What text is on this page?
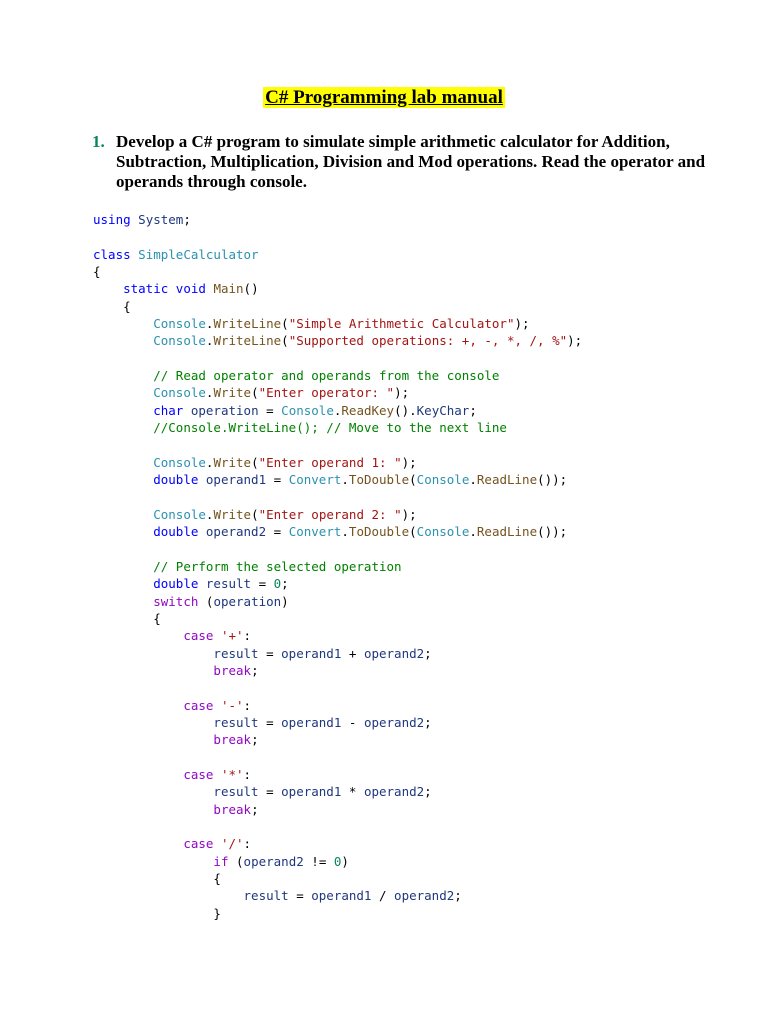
C# Programming lab manual
1. Develop a C# program to simulate simple arithmetic calculator for Addition, Subtraction, Multiplication, Division and Mod operations. Read the operator and operands through console.
using System;

class SimpleCalculator
{
static void Main()
{
Console.WriteLine("Simple Arithmetic Calculator");
Console.WriteLine("Supported operations: +, -, *, /, %");

// Read operator and operands from the console
Console.Write("Enter operator: ");
char operation = Console.ReadKey().KeyChar;
//Console.WriteLine(); // Move to the next line

Console.Write("Enter operand 1: ");
double operand1 = Convert.ToDouble(Console.ReadLine());

Console.Write("Enter operand 2: ");
double operand2 = Convert.ToDouble(Console.ReadLine());

// Perform the selected operation
double result = 0;
switch (operation)
{
case '+':
result = operand1 + operand2;
break;

case '-':
result = operand1 - operand2;
break;

case '*':
result = operand1 * operand2;
break;

case '/':
if (operand2 != 0)
{
result = operand1 / operand2;
}
